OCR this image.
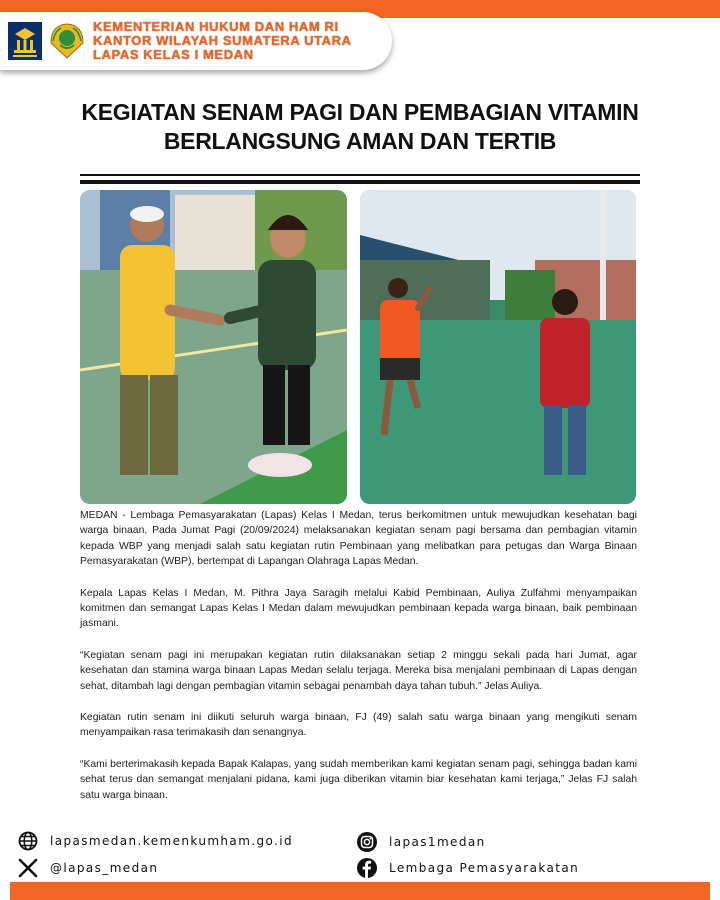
KEMENTERIAN HUKUM DAN HAM RI
KANTOR WILAYAH SUMATERA UTARA
LAPAS KELAS I MEDAN
KEGIATAN SENAM PAGI DAN PEMBAGIAN VITAMIN
BERLANGSUNG AMAN DAN TERTIB

MEDAN - Lembaga Pemasyarakatan (Lapas) Kelas I Medan, terus berkomitmen untuk mewujudkan kesehatan bagi warga binaan, Pada Jumat Pagi (20/09/2024) melaksanakan kegiatan senam pagi bersama dan pembagian vitamin kepada WBP yang menjadi salah satu kegiatan rutin Pembinaan yang melibatkan para petugas dan Warga Binaan Pemasyarakatan (WBP), bertempat di Lapangan Olahraga Lapas Medan.

Kepala Lapas Kelas I Medan, M. Pithra Jaya Saragih melalui Kabid Pembinaan, Auliya Zulfahmi menyampaikan komitmen dan semangat Lapas Kelas I Medan dalam mewujudkan pembinaan kepada warga binaan, baik pembinaan jasmani.

“Kegiatan senam pagi ini merupakan kegiatan rutin dilaksanakan setiap 2 minggu sekali pada hari Jumat, agar kesehatan dan stamina warga binaan Lapas Medan selalu terjaga. Mereka bisa menjalani pembinaan di Lapas dengan sehat, ditambah lagi dengan pembagian vitamin sebagai penambah daya tahan tubuh.” Jelas Auliya.

Kegiatan rutin senam ini diikuti seluruh warga binaan, FJ (49) salah satu warga binaan yang mengikuti senam menyampaikan rasa terimakasih dan senangnya.

“Kami berterimakasih kepada Bapak Kalapas, yang sudah memberikan kami kegiatan senam pagi, sehingga badan kami sehat terus dan semangat menjalani pidana, kami juga diberikan vitamin biar kesehatan kami terjaga,” Jelas FJ salah satu warga binaan.

lapasmedan.kemenkumham.go.id
@lapas_medan
lapas1medan
Lembaga Pemasyarakatan
